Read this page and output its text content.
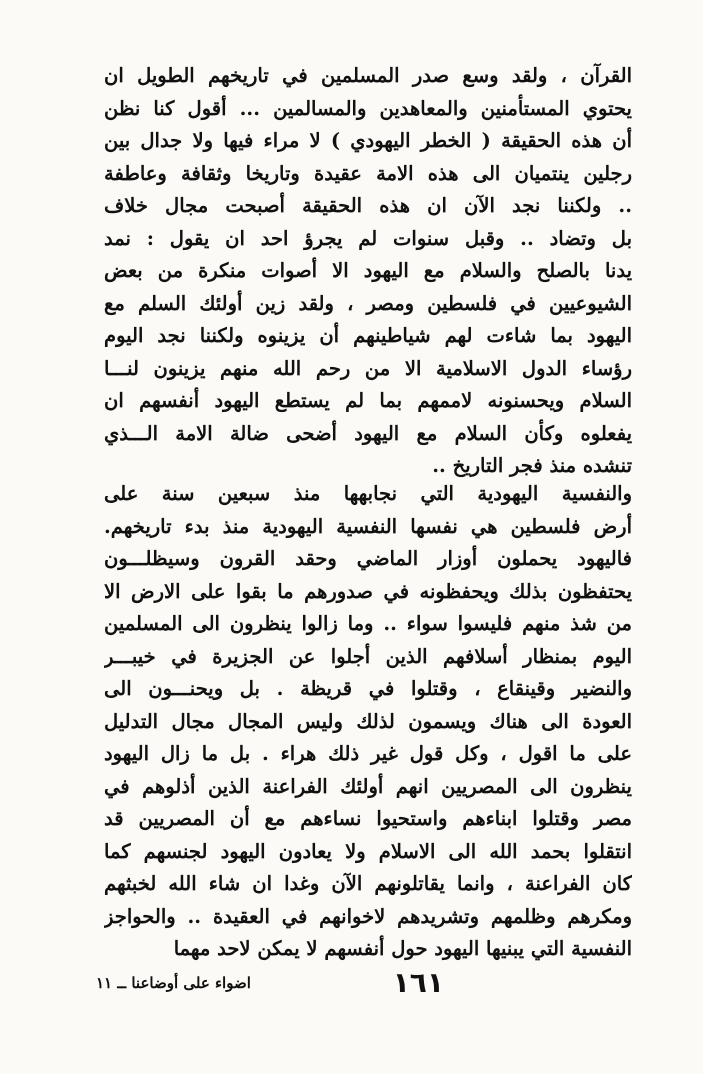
القرآن ، ولقد وسع صدر المسلمين في تاريخهم الطويل ان
يحتوي المستأمنين والمعاهدين والمسالمين ... أقول كنا نظن
أن هذه الحقيقة ( الخطر اليهودي ) لا مراء فيها ولا جدال بين
رجلين ينتميان الى هذه الامة عقيدة وتاريخا وثقافة وعاطفة
.. ولكننا نجد الآن ان هذه الحقيقة أصبحت مجال خلاف
بل وتضاد .. وقبل سنوات لم يجرؤ احد ان يقول : نمد
يدنا بالصلح والسلام مع اليهود الا أصوات منكرة من بعض
الشيوعيين في فلسطين ومصر ، ولقد زين أولئك السلم مع
اليهود بما شاءت لهم شياطينهم أن يزينوه ولكننا نجد اليوم
رؤساء الدول الاسلامية الا من رحم الله منهم يزينون لنـــا
السلام ويحسنونه لاممهم بما لم يستطع اليهود أنفسهم ان
يفعلوه وكأن السلام مع اليهود أضحى ضالة الامة الـــذي
تنشده منذ فجر التاريخ ..
والنفسية اليهودية التي نجابهها منذ سبعين سنة على
أرض فلسطين هي نفسها النفسية اليهودية منذ بدء تاريخهم.
فاليهود يحملون أوزار الماضي وحقد القرون وسيظلـــون
يحتفظون بذلك ويحفظونه في صدورهم ما بقوا على الارض الا
من شذ منهم فليسوا سواء .. وما زالوا ينظرون الى المسلمين
اليوم بمنظار أسلافهم الذين أجلوا عن الجزيرة في خيبـــر
والنضير وقينقاع ، وقتلوا في قريظة . بل ويحنـــون الى
العودة الى هناك ويسمون لذلك وليس المجال مجال التدليل
على ما اقول ، وكل قول غير ذلك هراء . بل ما زال اليهود
ينظرون الى المصريين انهم أولئك الفراعنة الذين أذلوهم في
مصر وقتلوا ابناءهم واستحيوا نساءهم مع أن المصريين قد
انتقلوا بحمد الله الى الاسلام ولا يعادون اليهود لجنسهم كما
كان الفراعنة ، وانما يقاتلونهم الآن وغدا ان شاء الله لخبثهم
ومكرهم وظلمهم وتشريدهم لاخوانهم في العقيدة .. والحواجز
النفسية التي يبنيها اليهود حول أنفسهم لا يمكن لاحد مهما
١٦١
اضواء على أوضاعنا ــ ١١
